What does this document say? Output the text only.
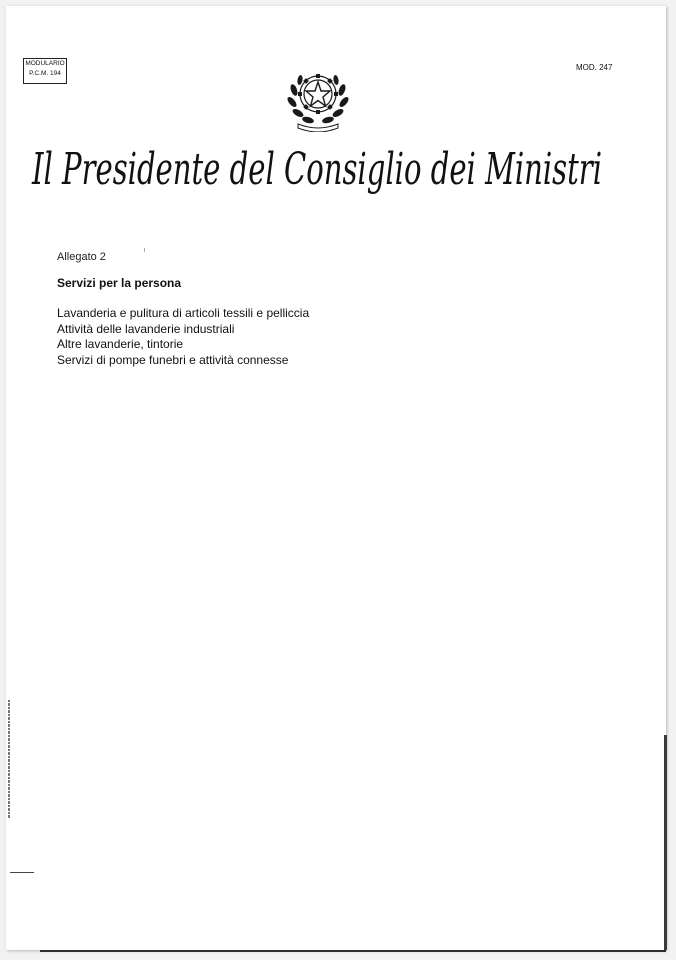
MODULARIO
P.C.M. 194
MOD. 247
Il Presidente del Consiglio dei Ministri
Allegato 2
Servizi per la persona
Lavanderia e pulitura di articoli tessili e pelliccia
Attività delle lavanderie industriali
Altre lavanderie, tintorie
Servizi di pompe funebri e attività connesse
